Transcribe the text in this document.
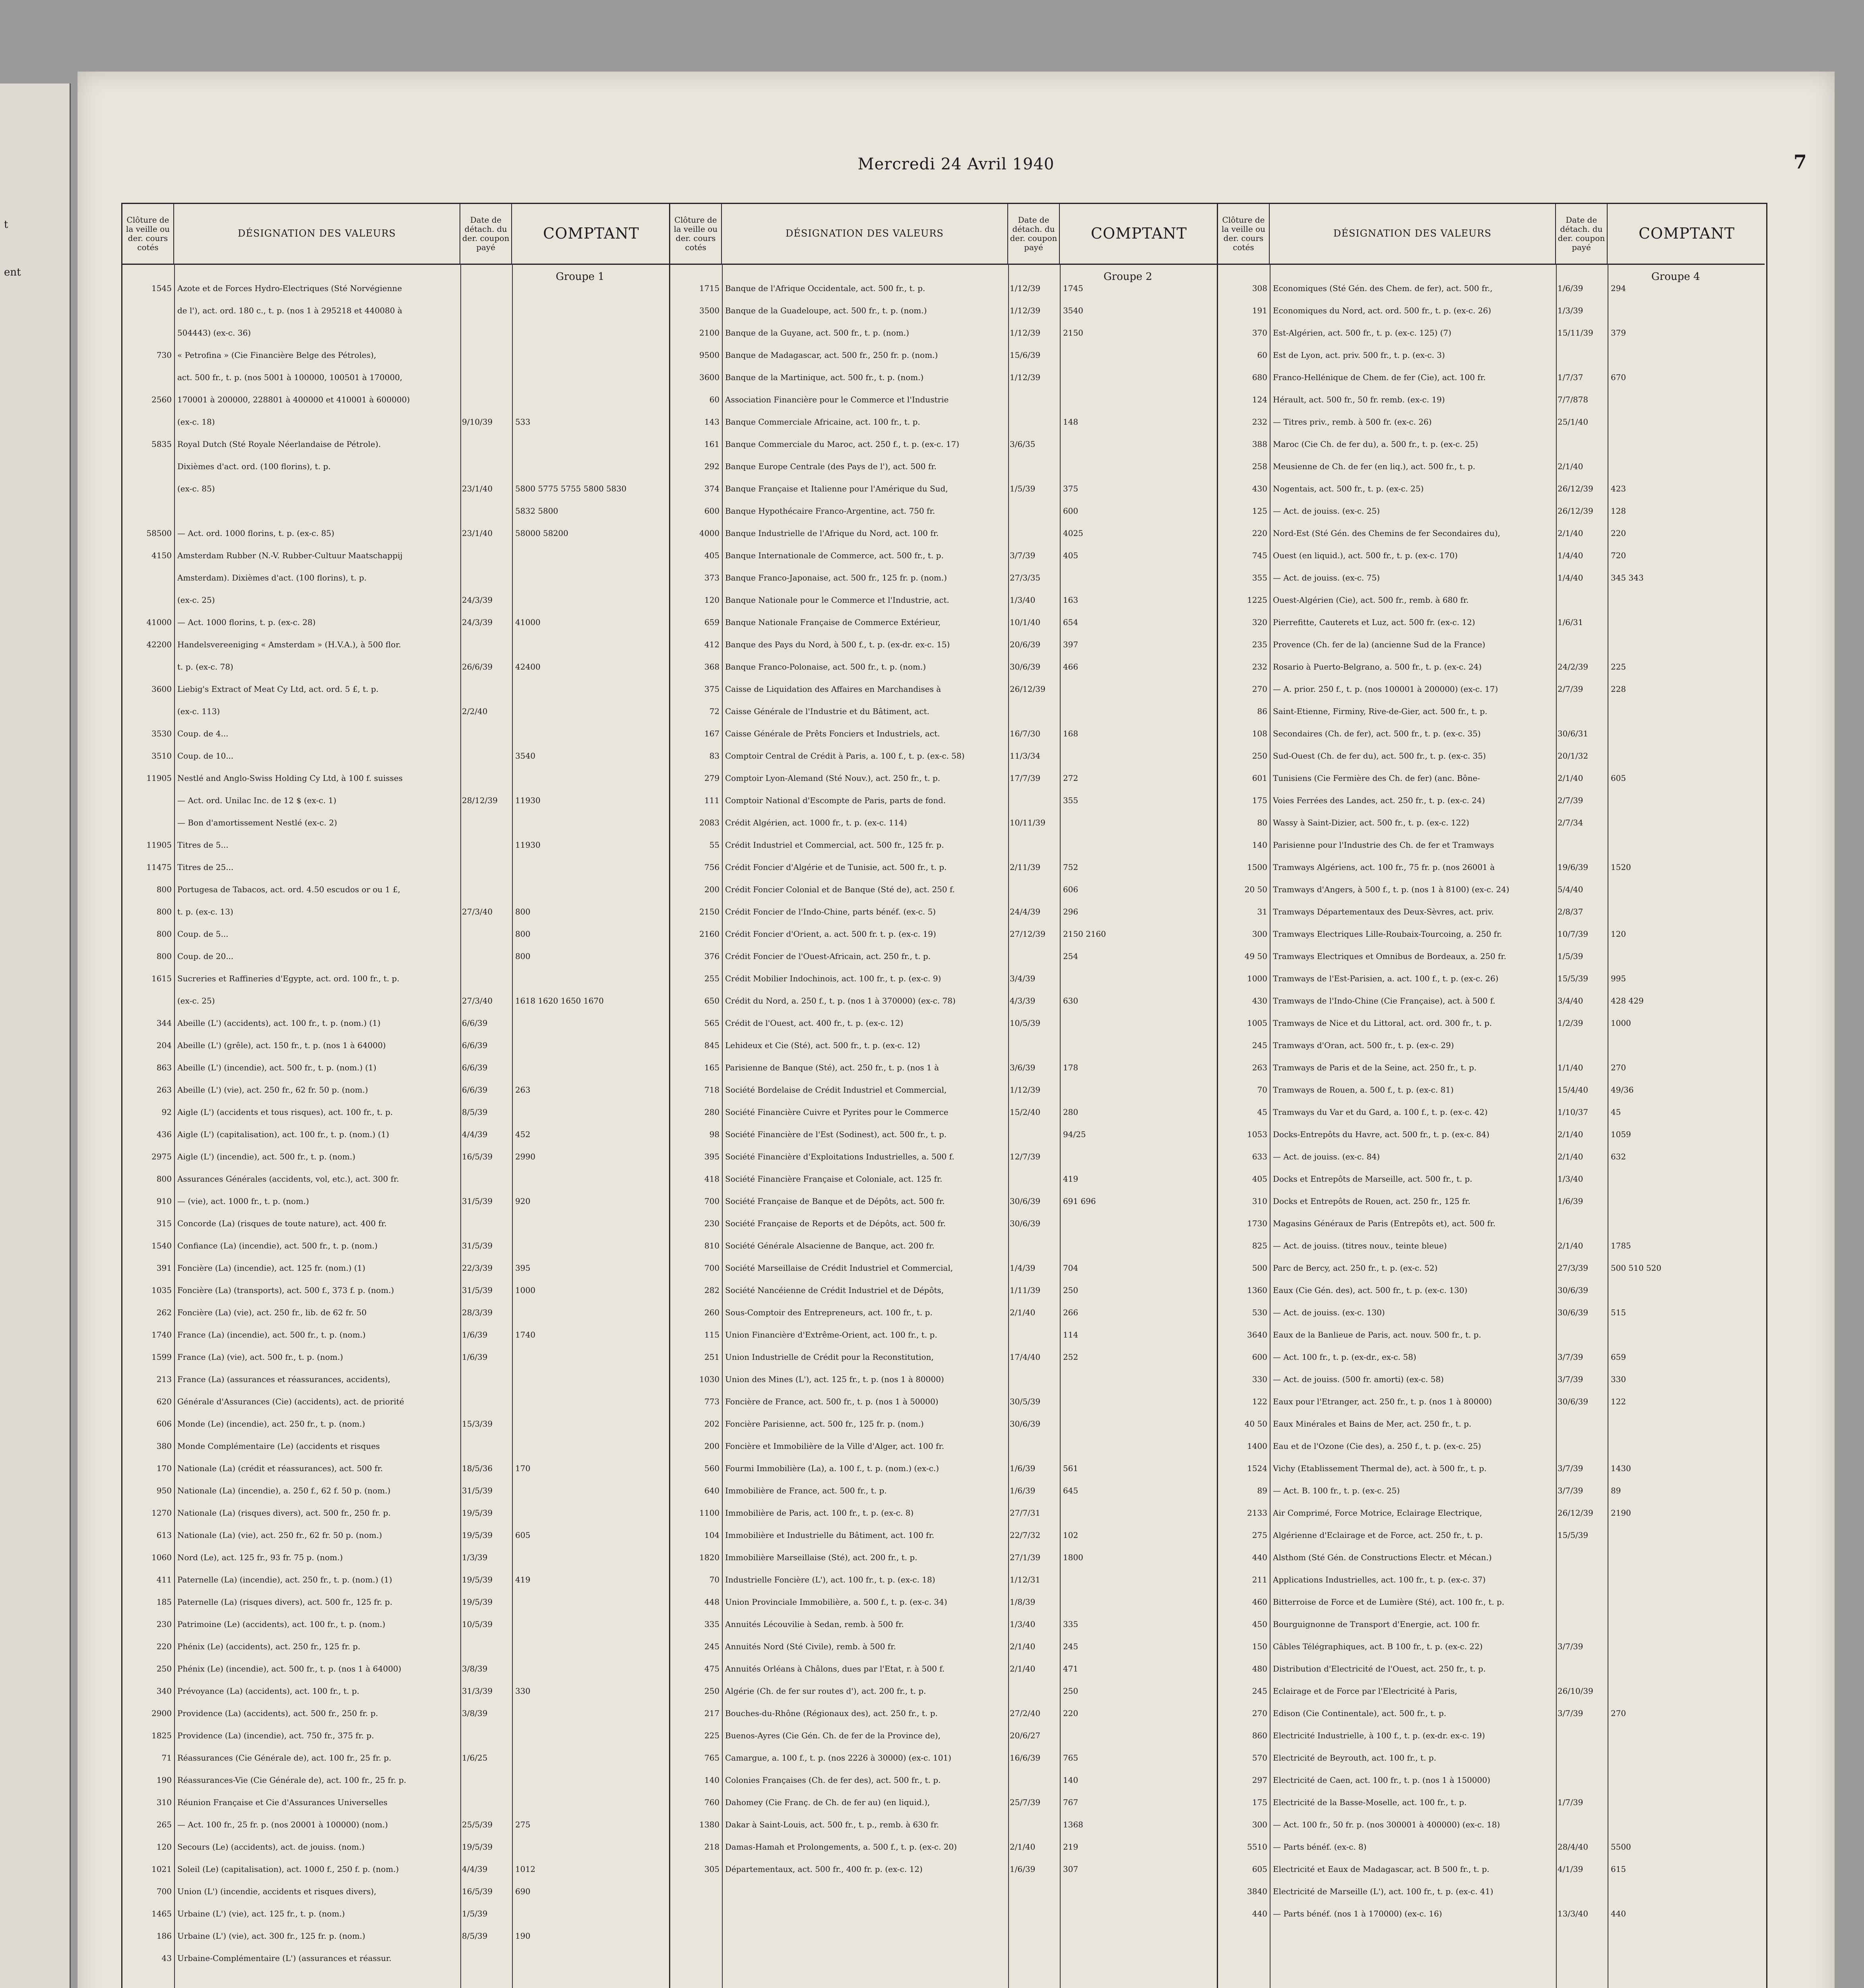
t
ent
Mercredi 24 Avril 1940	7
Clôture de la veille ou der. cours cotés
DÉSIGNATION DES VALEURS
Date de détach. du der. coupon payé
COMPTANT
Groupe 1
1545 Azote et de Forces Hydro-Electriques (Sté Norvégienne
de l'), act. ord. 180 c., t. p. (nos 1 à 295218 et 440080 à
504443) (ex-c. 36)
730 « Petrofina » (Cie Financière Belge des Pétroles),
act. 500 fr., t. p. (nos 5001 à 100000, 100501 à 170000,
2560 170001 à 200000, 228801 à 400000 et 410001 à 600000)
(ex-c. 18)	9/10/39	533
5835 Royal Dutch (Sté Royale Néerlandaise de Pétrole).
Dixièmes d'act. ord. (100 florins), t. p.
(ex-c. 85)	23/1/40	5800 5775 5755 5800 5830
5832 5800
58500 — Act. ord. 1000 florins, t. p. (ex-c. 85)	23/1/40	58000 58200
4150 Amsterdam Rubber (N.-V. Rubber-Cultuur Maatschappij
Amsterdam). Dixièmes d'act. (100 florins), t. p.
(ex-c. 25)	24/3/39
41000 — Act. 1000 florins, t. p. (ex-c. 28)	24/3/39	41000
42200 Handelsvereeniging « Amsterdam » (H.V.A.), à 500 flor.
t. p. (ex-c. 78)	26/6/39	42400
3600 Liebig's Extract of Meat Cy Ltd, act. ord. 5 £, t. p.
(ex-c. 113)	2/2/40
3530 Coup. de 4...
3510 Coup. de 10...	3540
11905 Nestlé and Anglo-Swiss Holding Cy Ltd, à 100 f. suisses
— Act. ord. Unilac Inc. de 12 $ (ex-c. 1)	28/12/39	11930
— Bon d'amortissement Nestlé (ex-c. 2)
11905 Titres de 5...	11930
11475 Titres de 25...
800 Portugesa de Tabacos, act. ord. 4.50 escudos or ou 1 £,
800 t. p. (ex-c. 13)	27/3/40	800
800 Coup. de 5...	800
800 Coup. de 20...	800
1615 Sucreries et Raffineries d'Egypte, act. ord. 100 fr., t. p.
(ex-c. 25)	27/3/40	1618 1620 1650 1670
344 Abeille (L') (accidents), act. 100 fr., t. p. (nom.) (1)	6/6/39
204 Abeille (L') (grêle), act. 150 fr., t. p. (nos 1 à 64000)	6/6/39
863 Abeille (L') (incendie), act. 500 fr., t. p. (nom.) (1)	6/6/39
263 Abeille (L') (vie), act. 250 fr., 62 fr. 50 p. (nom.)	6/6/39	263
92 Aigle (L') (accidents et tous risques), act. 100 fr., t. p.	8/5/39
436 Aigle (L') (capitalisation), act. 100 fr., t. p. (nom.) (1)	4/4/39	452
2975 Aigle (L') (incendie), act. 500 fr., t. p. (nom.)	16/5/39	2990
800 Assurances Générales (accidents, vol, etc.), act. 300 fr.
910 — (vie), act. 1000 fr., t. p. (nom.)	31/5/39	920
315 Concorde (La) (risques de toute nature), act. 400 fr.
1540 Confiance (La) (incendie), act. 500 fr., t. p. (nom.)	31/5/39
391 Foncière (La) (incendie), act. 125 fr. (nom.) (1)	22/3/39	395
1035 Foncière (La) (transports), act. 500 f., 373 f. p. (nom.)	31/5/39	1000
262 Foncière (La) (vie), act. 250 fr., lib. de 62 fr. 50	28/3/39
1740 France (La) (incendie), act. 500 fr., t. p. (nom.)	1/6/39	1740
1599 France (La) (vie), act. 500 fr., t. p. (nom.)	1/6/39
213 France (La) (assurances et réassurances, accidents),
620 Générale d'Assurances (Cie) (accidents), act. de priorité
606 Monde (Le) (incendie), act. 250 fr., t. p. (nom.)	15/3/39
380 Monde Complémentaire (Le) (accidents et risques
170 Nationale (La) (crédit et réassurances), act. 500 fr.	18/5/36	170
950 Nationale (La) (incendie), a. 250 f., 62 f. 50 p. (nom.)	31/5/39
1270 Nationale (La) (risques divers), act. 500 fr., 250 fr. p.	19/5/39
613 Nationale (La) (vie), act. 250 fr., 62 fr. 50 p. (nom.)	19/5/39	605
1060 Nord (Le), act. 125 fr., 93 fr. 75 p. (nom.)	1/3/39
411 Paternelle (La) (incendie), act. 250 fr., t. p. (nom.) (1)	19/5/39	419
185 Paternelle (La) (risques divers), act. 500 fr., 125 fr. p.	19/5/39
230 Patrimoine (Le) (accidents), act. 100 fr., t. p. (nom.)	10/5/39
220 Phénix (Le) (accidents), act. 250 fr., 125 fr. p.
250 Phénix (Le) (incendie), act. 500 fr., t. p. (nos 1 à 64000)	3/8/39
340 Prévoyance (La) (accidents), act. 100 fr., t. p.	31/3/39	330
2900 Providence (La) (accidents), act. 500 fr., 250 fr. p.	3/8/39
1825 Providence (La) (incendie), act. 750 fr., 375 fr. p.
71 Réassurances (Cie Générale de), act. 100 fr., 25 fr. p.	1/6/25
190 Réassurances-Vie (Cie Générale de), act. 100 fr., 25 fr. p.
310 Réunion Française et Cie d'Assurances Universelles
265 — Act. 100 fr., 25 fr. p. (nos 20001 à 100000) (nom.)	25/5/39	275
120 Secours (Le) (accidents), act. de jouiss. (nom.)	19/5/39
1021 Soleil (Le) (capitalisation), act. 1000 f., 250 f. p. (nom.)	4/4/39	1012
700 Union (L') (incendie, accidents et risques divers),	16/5/39	690
1465 Urbaine (L') (vie), act. 125 fr., t. p. (nom.)	1/5/39
186 Urbaine (L') (vie), act. 300 fr., 125 fr. p. (nom.)	8/5/39	190
43 Urbaine-Complémentaire (L') (assurances et réassur.
Clôture de la veille ou der. cours cotés
DÉSIGNATION DES VALEURS
Date de détach. du der. coupon payé
COMPTANT
Groupe 2
1715 Banque de l'Afrique Occidentale, act. 500 fr., t. p.	1/12/39	1745
3500 Banque de la Guadeloupe, act. 500 fr., t. p. (nom.)	1/12/39	3540
2100 Banque de la Guyane, act. 500 fr., t. p. (nom.)	1/12/39	2150
9500 Banque de Madagascar, act. 500 fr., 250 fr. p. (nom.)	15/6/39
3600 Banque de la Martinique, act. 500 fr., t. p. (nom.)	1/12/39
60 Association Financière pour le Commerce et l'Industrie
143 Banque Commerciale Africaine, act. 100 fr., t. p.	148
161 Banque Commerciale du Maroc, act. 250 f., t. p. (ex-c. 17)	3/6/35
292 Banque Europe Centrale (des Pays de l'), act. 500 fr.
374 Banque Française et Italienne pour l'Amérique du Sud,	1/5/39	375
600 Banque Hypothécaire Franco-Argentine, act. 750 fr.	600
4000 Banque Industrielle de l'Afrique du Nord, act. 100 fr.	4025
405 Banque Internationale de Commerce, act. 500 fr., t. p.	3/7/39	405
373 Banque Franco-Japonaise, act. 500 fr., 125 fr. p. (nom.)	27/3/35
120 Banque Nationale pour le Commerce et l'Industrie, act.	1/3/40	163
659 Banque Nationale Française de Commerce Extérieur,	10/1/40	654
412 Banque des Pays du Nord, à 500 f., t. p. (ex-dr. ex-c. 15)	20/6/39	397
368 Banque Franco-Polonaise, act. 500 fr., t. p. (nom.)	30/6/39	466
375 Caisse de Liquidation des Affaires en Marchandises à	26/12/39
72 Caisse Générale de l'Industrie et du Bâtiment, act.
167 Caisse Générale de Prêts Fonciers et Industriels, act.	16/7/30	168
83 Comptoir Central de Crédit à Paris, a. 100 f., t. p. (ex-c. 58)	11/3/34
279 Comptoir Lyon-Alemand (Sté Nouv.), act. 250 fr., t. p.	17/7/39	272
111 Comptoir National d'Escompte de Paris, parts de fond.	355
2083 Crédit Algérien, act. 1000 fr., t. p. (ex-c. 114)	10/11/39
55 Crédit Industriel et Commercial, act. 500 fr., 125 fr. p.
756 Crédit Foncier d'Algérie et de Tunisie, act. 500 fr., t. p.	2/11/39	752
200 Crédit Foncier Colonial et de Banque (Sté de), act. 250 f.	606
2150 Crédit Foncier de l'Indo-Chine, parts bénéf. (ex-c. 5)	24/4/39	296
2160 Crédit Foncier d'Orient, a. act. 500 fr. t. p. (ex-c. 19)	27/12/39	2150 2160
376 Crédit Foncier de l'Ouest-Africain, act. 250 fr., t. p.	254
255 Crédit Mobilier Indochinois, act. 100 fr., t. p. (ex-c. 9)	3/4/39
650 Crédit du Nord, a. 250 f., t. p. (nos 1 à 370000) (ex-c. 78)	4/3/39	630
565 Crédit de l'Ouest, act. 400 fr., t. p. (ex-c. 12)	10/5/39
845 Lehideux et Cie (Sté), act. 500 fr., t. p. (ex-c. 12)
165 Parisienne de Banque (Sté), act. 250 fr., t. p. (nos 1 à	3/6/39	178
718 Société Bordelaise de Crédit Industriel et Commercial,	1/12/39
280 Société Financière Cuivre et Pyrites pour le Commerce	15/2/40	280
98 Société Financière de l'Est (Sodinest), act. 500 fr., t. p.	94/25
395 Société Financière d'Exploitations Industrielles, a. 500 f.	12/7/39
418 Société Financière Française et Coloniale, act. 125 fr.	419
700 Société Française de Banque et de Dépôts, act. 500 fr.	30/6/39	691 696
230 Société Française de Reports et de Dépôts, act. 500 fr.	30/6/39
810 Société Générale Alsacienne de Banque, act. 200 fr.
700 Société Marseillaise de Crédit Industriel et Commercial,	1/4/39	704
282 Société Nancéienne de Crédit Industriel et de Dépôts,	1/11/39	250
260 Sous-Comptoir des Entrepreneurs, act. 100 fr., t. p.	2/1/40	266
115 Union Financière d'Extrême-Orient, act. 100 fr., t. p.	114
251 Union Industrielle de Crédit pour la Reconstitution,	17/4/40	252
1030 Union des Mines (L'), act. 125 fr., t. p. (nos 1 à 80000)
773 Foncière de France, act. 500 fr., t. p. (nos 1 à 50000)	30/5/39
202 Foncière Parisienne, act. 500 fr., 125 fr. p. (nom.)	30/6/39
200 Foncière et Immobilière de la Ville d'Alger, act. 100 fr.
560 Fourmi Immobilière (La), a. 100 f., t. p. (nom.) (ex-c.)	1/6/39	561
640 Immobilière de France, act. 500 fr., t. p.	1/6/39	645
1100 Immobilière de Paris, act. 100 fr., t. p. (ex-c. 8)	27/7/31
104 Immobilière et Industrielle du Bâtiment, act. 100 fr.	22/7/32	102
1820 Immobilière Marseillaise (Sté), act. 200 fr., t. p.	27/1/39	1800
70 Industrielle Foncière (L'), act. 100 fr., t. p. (ex-c. 18)	1/12/31
448 Union Provinciale Immobilière, a. 500 f., t. p. (ex-c. 34)	1/8/39
335 Annuités Lécouvilie à Sedan, remb. à 500 fr.	1/3/40	335
245 Annuités Nord (Sté Civile), remb. à 500 fr.	2/1/40	245
475 Annuités Orléans à Châlons, dues par l'Etat, r. à 500 f.	2/1/40	471
250 Algérie (Ch. de fer sur routes d'), act. 200 fr., t. p.	250
217 Bouches-du-Rhône (Régionaux des), act. 250 fr., t. p.	27/2/40	220
225 Buenos-Ayres (Cie Gén. Ch. de fer de la Province de),	20/6/27
765 Camargue, a. 100 f., t. p. (nos 2226 à 30000) (ex-c. 101)	16/6/39	765
140 Colonies Françaises (Ch. de fer des), act. 500 fr., t. p.	140
760 Dahomey (Cie Franç. de Ch. de fer au) (en liquid.),	25/7/39	767
1380 Dakar à Saint-Louis, act. 500 fr., t. p., remb. à 630 fr.	1368
218 Damas-Hamah et Prolongements, a. 500 f., t. p. (ex-c. 20)	2/1/40	219
305 Départementaux, act. 500 fr., 400 fr. p. (ex-c. 12)	1/6/39	307
Clôture de la veille ou der. cours cotés
DÉSIGNATION DES VALEURS
Date de détach. du der. coupon payé
COMPTANT
Groupe 4
308 Economiques (Sté Gén. des Chem. de fer), act. 500 fr.,	1/6/39	294
191 Economiques du Nord, act. ord. 500 fr., t. p. (ex-c. 26)	1/3/39
370 Est-Algérien, act. 500 fr., t. p. (ex-c. 125) (7)	15/11/39	379
60 Est de Lyon, act. priv. 500 fr., t. p. (ex-c. 3)
680 Franco-Hellénique de Chem. de fer (Cie), act. 100 fr.	1/7/37	670
124 Hérault, act. 500 fr., 50 fr. remb. (ex-c. 19)	7/7/878
232 — Titres priv., remb. à 500 fr. (ex-c. 26)	25/1/40
388 Maroc (Cie Ch. de fer du), a. 500 fr., t. p. (ex-c. 25)
258 Meusienne de Ch. de fer (en liq.), act. 500 fr., t. p.	2/1/40
430 Nogentais, act. 500 fr., t. p. (ex-c. 25)	26/12/39	423
125 — Act. de jouiss. (ex-c. 25)	26/12/39	128
220 Nord-Est (Sté Gén. des Chemins de fer Secondaires du),	2/1/40	220
745 Ouest (en liquid.), act. 500 fr., t. p. (ex-c. 170)	1/4/40	720
355 — Act. de jouiss. (ex-c. 75)	1/4/40	345 343
1225 Ouest-Algérien (Cie), act. 500 fr., remb. à 680 fr.
320 Pierrefitte, Cauterets et Luz, act. 500 fr. (ex-c. 12)	1/6/31
235 Provence (Ch. fer de la) (ancienne Sud de la France)
232 Rosario à Puerto-Belgrano, a. 500 fr., t. p. (ex-c. 24)	24/2/39	225
270 — A. prior. 250 f., t. p. (nos 100001 à 200000) (ex-c. 17)	2/7/39	228
86 Saint-Etienne, Firminy, Rive-de-Gier, act. 500 fr., t. p.
108 Secondaires (Ch. de fer), act. 500 fr., t. p. (ex-c. 35)	30/6/31
250 Sud-Ouest (Ch. de fer du), act. 500 fr., t. p. (ex-c. 35)	20/1/32
601 Tunisiens (Cie Fermière des Ch. de fer) (anc. Bône-	2/1/40	605
175 Voies Ferrées des Landes, act. 250 fr., t. p. (ex-c. 24)	2/7/39
80 Wassy à Saint-Dizier, act. 500 fr., t. p. (ex-c. 122)	2/7/34
140 Parisienne pour l'Industrie des Ch. de fer et Tramways
1500 Tramways Algériens, act. 100 fr., 75 fr. p. (nos 26001 à	19/6/39	1520
20 50 Tramways d'Angers, à 500 f., t. p. (nos 1 à 8100) (ex-c. 24)	5/4/40
31 Tramways Départementaux des Deux-Sèvres, act. priv.	2/8/37
300 Tramways Electriques Lille-Roubaix-Tourcoing, a. 250 fr.	10/7/39	120
49 50 Tramways Electriques et Omnibus de Bordeaux, a. 250 fr.	1/5/39
1000 Tramways de l'Est-Parisien, a. act. 100 f., t. p. (ex-c. 26)	15/5/39	995
430 Tramways de l'Indo-Chine (Cie Française), act. à 500 f.	3/4/40	428 429
1005 Tramways de Nice et du Littoral, act. ord. 300 fr., t. p.	1/2/39	1000
245 Tramways d'Oran, act. 500 fr., t. p. (ex-c. 29)
263 Tramways de Paris et de la Seine, act. 250 fr., t. p.	1/1/40	270
70 Tramways de Rouen, a. 500 f., t. p. (ex-c. 81)	15/4/40	49/36
45 Tramways du Var et du Gard, a. 100 f., t. p. (ex-c. 42)	1/10/37	45
1053 Docks-Entrepôts du Havre, act. 500 fr., t. p. (ex-c. 84)	2/1/40	1059
633 — Act. de jouiss. (ex-c. 84)	2/1/40	632
405 Docks et Entrepôts de Marseille, act. 500 fr., t. p.	1/3/40
310 Docks et Entrepôts de Rouen, act. 250 fr., 125 fr.	1/6/39
1730 Magasins Généraux de Paris (Entrepôts et), act. 500 fr.
825 — Act. de jouiss. (titres nouv., teinte bleue)	2/1/40	1785
500 Parc de Bercy, act. 250 fr., t. p. (ex-c. 52)	27/3/39	500 510 520
1360 Eaux (Cie Gén. des), act. 500 fr., t. p. (ex-c. 130)	30/6/39
530 — Act. de jouiss. (ex-c. 130)	30/6/39	515
3640 Eaux de la Banlieue de Paris, act. nouv. 500 fr., t. p.
600 — Act. 100 fr., t. p. (ex-dr., ex-c. 58)	3/7/39	659
330 — Act. de jouiss. (500 fr. amorti) (ex-c. 58)	3/7/39	330
122 Eaux pour l'Etranger, act. 250 fr., t. p. (nos 1 à 80000)	30/6/39	122
40 50 Eaux Minérales et Bains de Mer, act. 250 fr., t. p.
1400 Eau et de l'Ozone (Cie des), a. 250 f., t. p. (ex-c. 25)
1524 Vichy (Etablissement Thermal de), act. à 500 fr., t. p.	3/7/39	1430
89 — Act. B. 100 fr., t. p. (ex-c. 25)	3/7/39	89
2133 Air Comprimé, Force Motrice, Eclairage Electrique,	26/12/39	2190
275 Algérienne d'Eclairage et de Force, act. 250 fr., t. p.	15/5/39
440 Alsthom (Sté Gén. de Constructions Electr. et Mécan.)
211 Applications Industrielles, act. 100 fr., t. p. (ex-c. 37)
460 Bitterroise de Force et de Lumière (Sté), act. 100 fr., t. p.
450 Bourguignonne de Transport d'Energie, act. 100 fr.
150 Câbles Télégraphiques, act. B 100 fr., t. p. (ex-c. 22)	3/7/39
480 Distribution d'Electricité de l'Ouest, act. 250 fr., t. p.
245 Eclairage et de Force par l'Electricité à Paris,	26/10/39
270 Edison (Cie Continentale), act. 500 fr., t. p.	3/7/39	270
860 Electricité Industrielle, à 100 f., t. p. (ex-dr. ex-c. 19)
570 Electricité de Beyrouth, act. 100 fr., t. p.
297 Electricité de Caen, act. 100 fr., t. p. (nos 1 à 150000)
175 Electricité de la Basse-Moselle, act. 100 fr., t. p.	1/7/39
300 — Act. 100 fr., 50 fr. p. (nos 300001 à 400000) (ex-c. 18)
5510 — Parts bénéf. (ex-c. 8)	28/4/40	5500
605 Electricité et Eaux de Madagascar, act. B 500 fr., t. p.	4/1/39	615
3840 Electricité de Marseille (L'), act. 100 fr., t. p. (ex-c. 41)
440 — Parts bénéf. (nos 1 à 170000) (ex-c. 16)	13/3/40	440
